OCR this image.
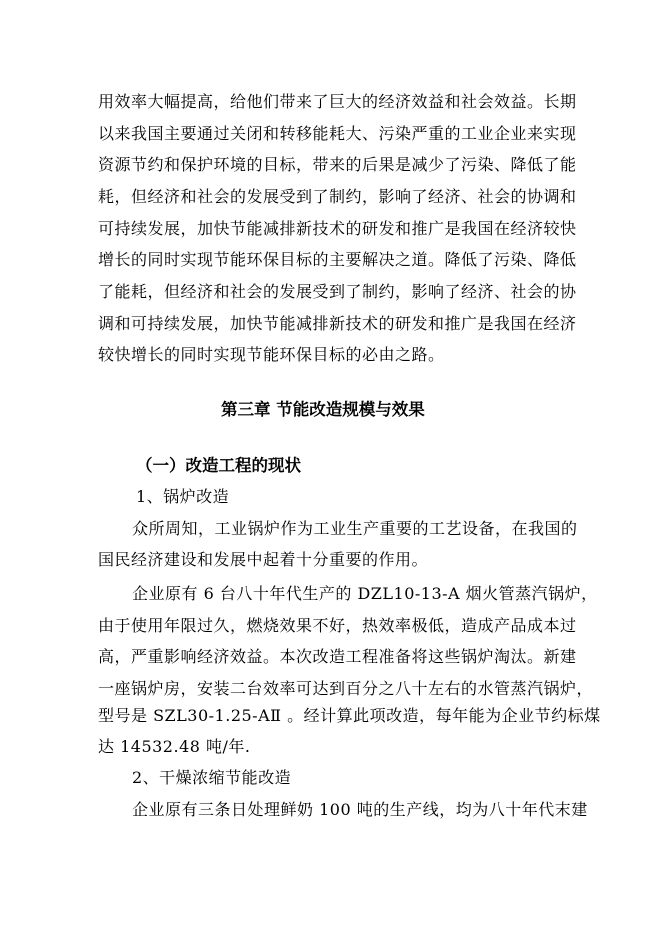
用效率大幅提高，给他们带来了巨大的经济效益和社会效益。长期
以来我国主要通过关闭和转移能耗大、污染严重的工业企业来实现
资源节约和保护环境的目标，带来的后果是减少了污染、降低了能
耗，但经济和社会的发展受到了制约，影响了经济、社会的协调和
可持续发展，加快节能减排新技术的研发和推广是我国在经济较快
增长的同时实现节能环保目标的主要解决之道。降低了污染、降低
了能耗，但经济和社会的发展受到了制约，影响了经济、社会的协
调和可持续发展，加快节能减排新技术的研发和推广是我国在经济
较快增长的同时实现节能环保目标的必由之路。
第三章 节能改造规模与效果
（一）改造工程的现状
1、锅炉改造
众所周知，工业锅炉作为工业生产重要的工艺设备，在我国的
国民经济建设和发展中起着十分重要的作用。
企业原有 6 台八十年代生产的 DZL10-13-A 烟火管蒸汽锅炉，
由于使用年限过久，燃烧效果不好，热效率极低，造成产品成本过
高，严重影响经济效益。本次改造工程准备将这些锅炉淘汰。新建
一座锅炉房，安装二台效率可达到百分之八十左右的水管蒸汽锅炉，
型号是 SZL30-1.25-AⅡ 。经计算此项改造，每年能为企业节约标煤
达 14532.48 吨/年.
2、干燥浓缩节能改造
企业原有三条日处理鲜奶 100 吨的生产线，均为八十年代末建
